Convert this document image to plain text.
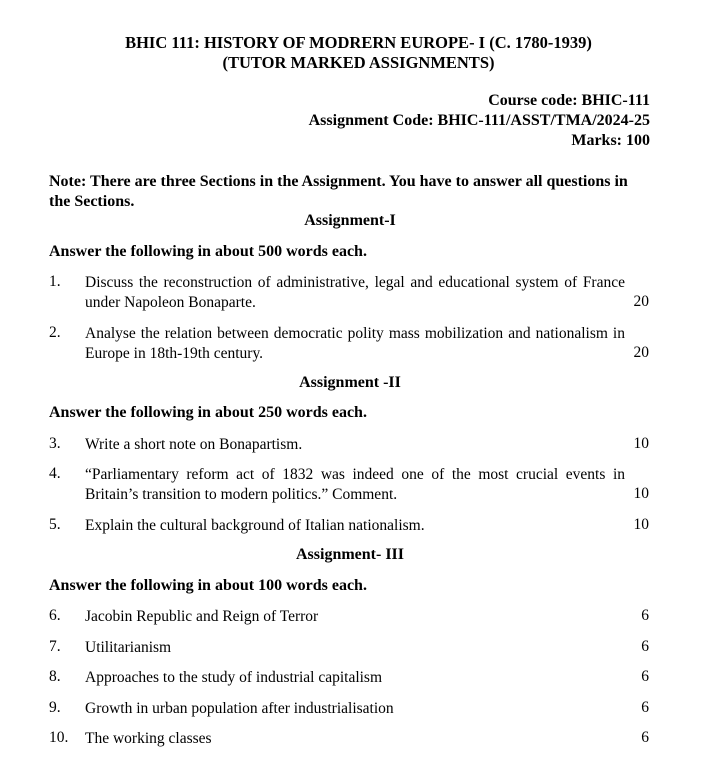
BHIC 111: HISTORY OF MODRERN EUROPE- I (C. 1780-1939)
(TUTOR MARKED ASSIGNMENTS)
Course code: BHIC-111
Assignment Code: BHIC-111/ASST/TMA/2024-25
Marks: 100
Note: There are three Sections in the Assignment. You have to answer all questions in
the Sections.
Assignment-I
Answer the following in about 500 words each.
1. Discuss the reconstruction of administrative, legal and educational system of France under Napoleon Bonaparte.	20
2. Analyse the relation between democratic polity mass mobilization and nationalism in Europe in 18th-19th century.	20
Assignment -II
Answer the following in about 250 words each.
3. Write a short note on Bonapartism.	10
4. “Parliamentary reform act of 1832 was indeed one of the most crucial events in Britain’s transition to modern politics.” Comment.	10
5. Explain the cultural background of Italian nationalism.	10
Assignment- III
Answer the following in about 100 words each.
6. Jacobin Republic and Reign of Terror	6
7. Utilitarianism	6
8. Approaches to the study of industrial capitalism	6
9. Growth in urban population after industrialisation	6
10. The working classes	6
